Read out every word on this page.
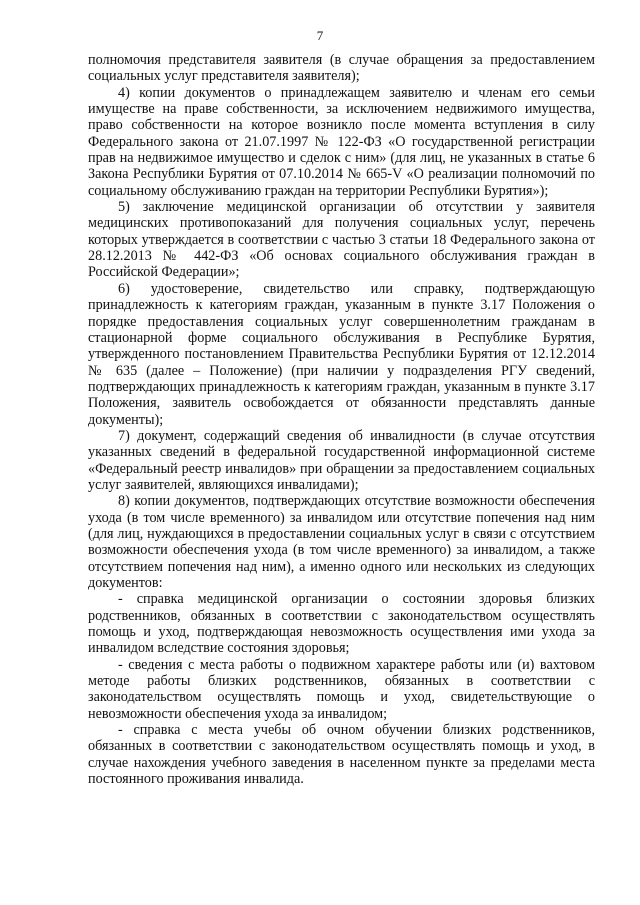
7

полномочия представителя заявителя (в случае обращения за предоставлением социальных услуг представителя заявителя);

4) копии документов о принадлежащем заявителю и членам его семьи имуществе на праве собственности, за исключением недвижимого имущества, право собственности на которое возникло после момента вступления в силу Федерального закона от 21.07.1997 № 122-ФЗ «О государственной регистрации прав на недвижимое имущество и сделок с ним» (для лиц, не указанных в статье 6 Закона Республики Бурятия от 07.10.2014 № 665-V «О реализации полномочий по социальному обслуживанию граждан на территории Республики Бурятия»);

5) заключение медицинской организации об отсутствии у заявителя медицинских противопоказаний для получения социальных услуг, перечень которых утверждается в соответствии с частью 3 статьи 18 Федерального закона от 28.12.2013 № 442-ФЗ «Об основах социального обслуживания граждан в Российской Федерации»;

6) удостоверение, свидетельство или справку, подтверждающую принадлежность к категориям граждан, указанным в пункте 3.17 Положения о порядке предоставления социальных услуг совершеннолетним гражданам в стационарной форме социального обслуживания в Республике Бурятия, утвержденного постановлением Правительства Республики Бурятия от 12.12.2014 № 635 (далее – Положение) (при наличии у подразделения РГУ сведений, подтверждающих принадлежность к категориям граждан, указанным в пункте 3.17 Положения, заявитель освобождается от обязанности представлять данные документы);

7) документ, содержащий сведения об инвалидности (в случае отсутствия указанных сведений в федеральной государственной информационной системе «Федеральный реестр инвалидов» при обращении за предоставлением социальных услуг заявителей, являющихся инвалидами);

8) копии документов, подтверждающих отсутствие возможности обеспечения ухода (в том числе временного) за инвалидом или отсутствие попечения над ним (для лиц, нуждающихся в предоставлении социальных услуг в связи с отсутствием возможности обеспечения ухода (в том числе временного) за инвалидом, а также отсутствием попечения над ним), а именно одного или нескольких из следующих документов:

- справка медицинской организации о состоянии здоровья близких родственников, обязанных в соответствии с законодательством осуществлять помощь и уход, подтверждающая невозможность осуществления ими ухода за инвалидом вследствие состояния здоровья;

- сведения с места работы о подвижном характере работы или (и) вахтовом методе работы близких родственников, обязанных в соответствии с законодательством осуществлять помощь и уход, свидетельствующие о невозможности обеспечения ухода за инвалидом;

- справка с места учебы об очном обучении близких родственников, обязанных в соответствии с законодательством осуществлять помощь и уход, в случае нахождения учебного заведения в населенном пункте за пределами места постоянного проживания инвалида.
